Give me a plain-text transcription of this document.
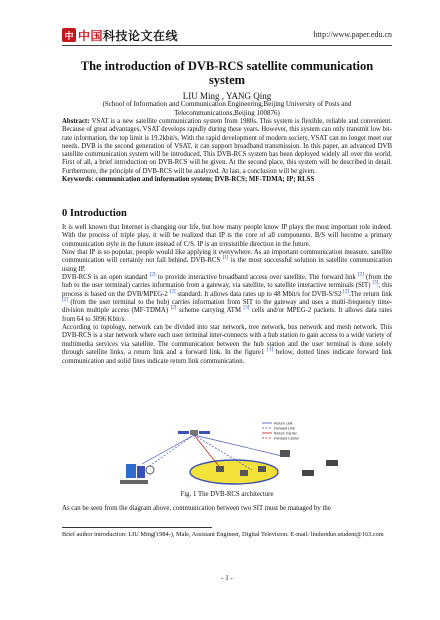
中 中国科技论文在线	http://www.paper.edu.cn
The introduction of DVB-RCS satellite communication system
LIU Ming , YANG Qing
(School of Information and Communication Engineering,Beijing University of Posts and Telecommunications,Beijing 100876)
Abstract: VSAT is a new satellite communication system from 1980s. This system is flexible, reliable and convenient. Because of great advantages, VSAT develops rapidly during these years. However, this system can only transmit low bit-rate information, the top limit is 19.2kbit/s. With the rapid development of modern society, VSAT can no longer meet our needs. DVB is the second generation of VSAT, it can support broadband transmission. In this paper, an advanced DVB satellite communication system will be introduced, This DVB-RCS system has been deployed widely all over the world. First of all, a brief introduction on DVB-RCS will be given. At the second place, this system will be described in detail. Furthermore, the principle of DVB-RCS will be analyzed. At last, a conclusion will be given.
Keywords: communication and information system; DVB-RCS; MF-TDMA; IP; RLSS
0 Introduction

It is well known that Internet is changing our life, but how many people know IP plays the most important role indeed. With the process of triple play, it will be realized that IP is the core of all components. B/S will become a primary communication style in the future instead of C/S. IP is an irresistible direction in the future.

Now that IP is so popular, people would like applying it everywhere. As an important communication measure, satellite communication will certainly not fall behind. DVB-RCS [1] is the most successful solution in satellite communication using IP.

DVB-RCS is an open standard [2] to provide interactive broadband access over satellite. The forward link [2] (from the hub to the user terminal) carries information from a gateway, via satellite, to satellite interactive terminals (SIT) [3]; this process is based on the DVB/MPEG-2 [2] standard. It allows data rates up to 48 Mbit/s for DVB-S/S2 [2].The return link [2] (from the user terminal to the hub) carries information from SIT to the gateway and uses a multi-frequency time-division multiple access (MF-TDMA) [2] scheme carrying ATM [3] cells and/or MPEG-2 packets. It allows data rates from 64 to 3096 Kbit/s.

According to topology, network can be divided into star network, tree network, bus network and mesh network. This DVB-RCS is a star network where each user terminal inter-connects with a hub station to gain access to a wide variety of multimedia services via satellite. The communication between the hub station and the user terminal is done solely through satellite links, a return link and a forward link. In the figure1 [1] below, dotted lines indicate forward link communication and solid lines indicate return link communication.

Return Link
Forward Link
Return Carrier
Forward Carrier
Fig. 1 The DVB-RCS architecture
As can be seen from the diagram above, communication between two SIT must be managed by the
Brief author introduction: LIU Ming(1984-), Male, Assistant Engineer, Digital Television. E-mail: liuduoduo.student@163.com
- 1 -
